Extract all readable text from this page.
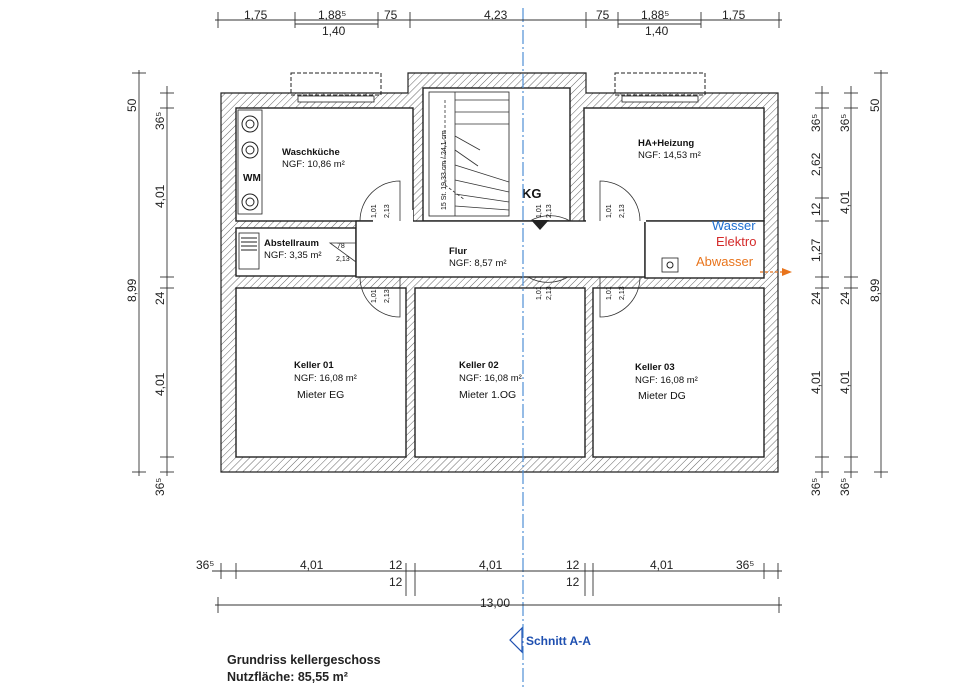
15 St. 19,33 cm / 24,1 cm	KG
WM
1,01 2,13
1,01 2,13
1,01 2,13
1,01 2,13
1,01 2,13
1,01 2,13
78
2,13
Waschküche
NGF: 10,86 m²
HA+Heizung
NGF: 14,53 m²
Abstellraum
NGF: 3,35 m²	Flur
NGF: 8,57 m²
Keller 01
NGF: 16,08 m²
Mieter EG
Keller 02
NGF: 16,08 m²
Mieter 1.OG
Keller 03
NGF: 16,08 m²
Mieter DG
Wasser
Elektro
Abwasser
Schnitt A-A
1,75	1,88⁵	75	4,23	75	1,88⁵	1,75
1,40	1,40
50
36⁵
4,01
24
4,01
36⁵
8,99
36⁵
2,62
12
1,27
24
4,01
36⁵
36⁵
4,01
24
4,01
36⁵
50
8,99
36⁵	4,01	12
12
4,01	12
12
4,01	36⁵
13,00
Grundriss kellergeschoss
Nutzfläche: 85,55 m²
